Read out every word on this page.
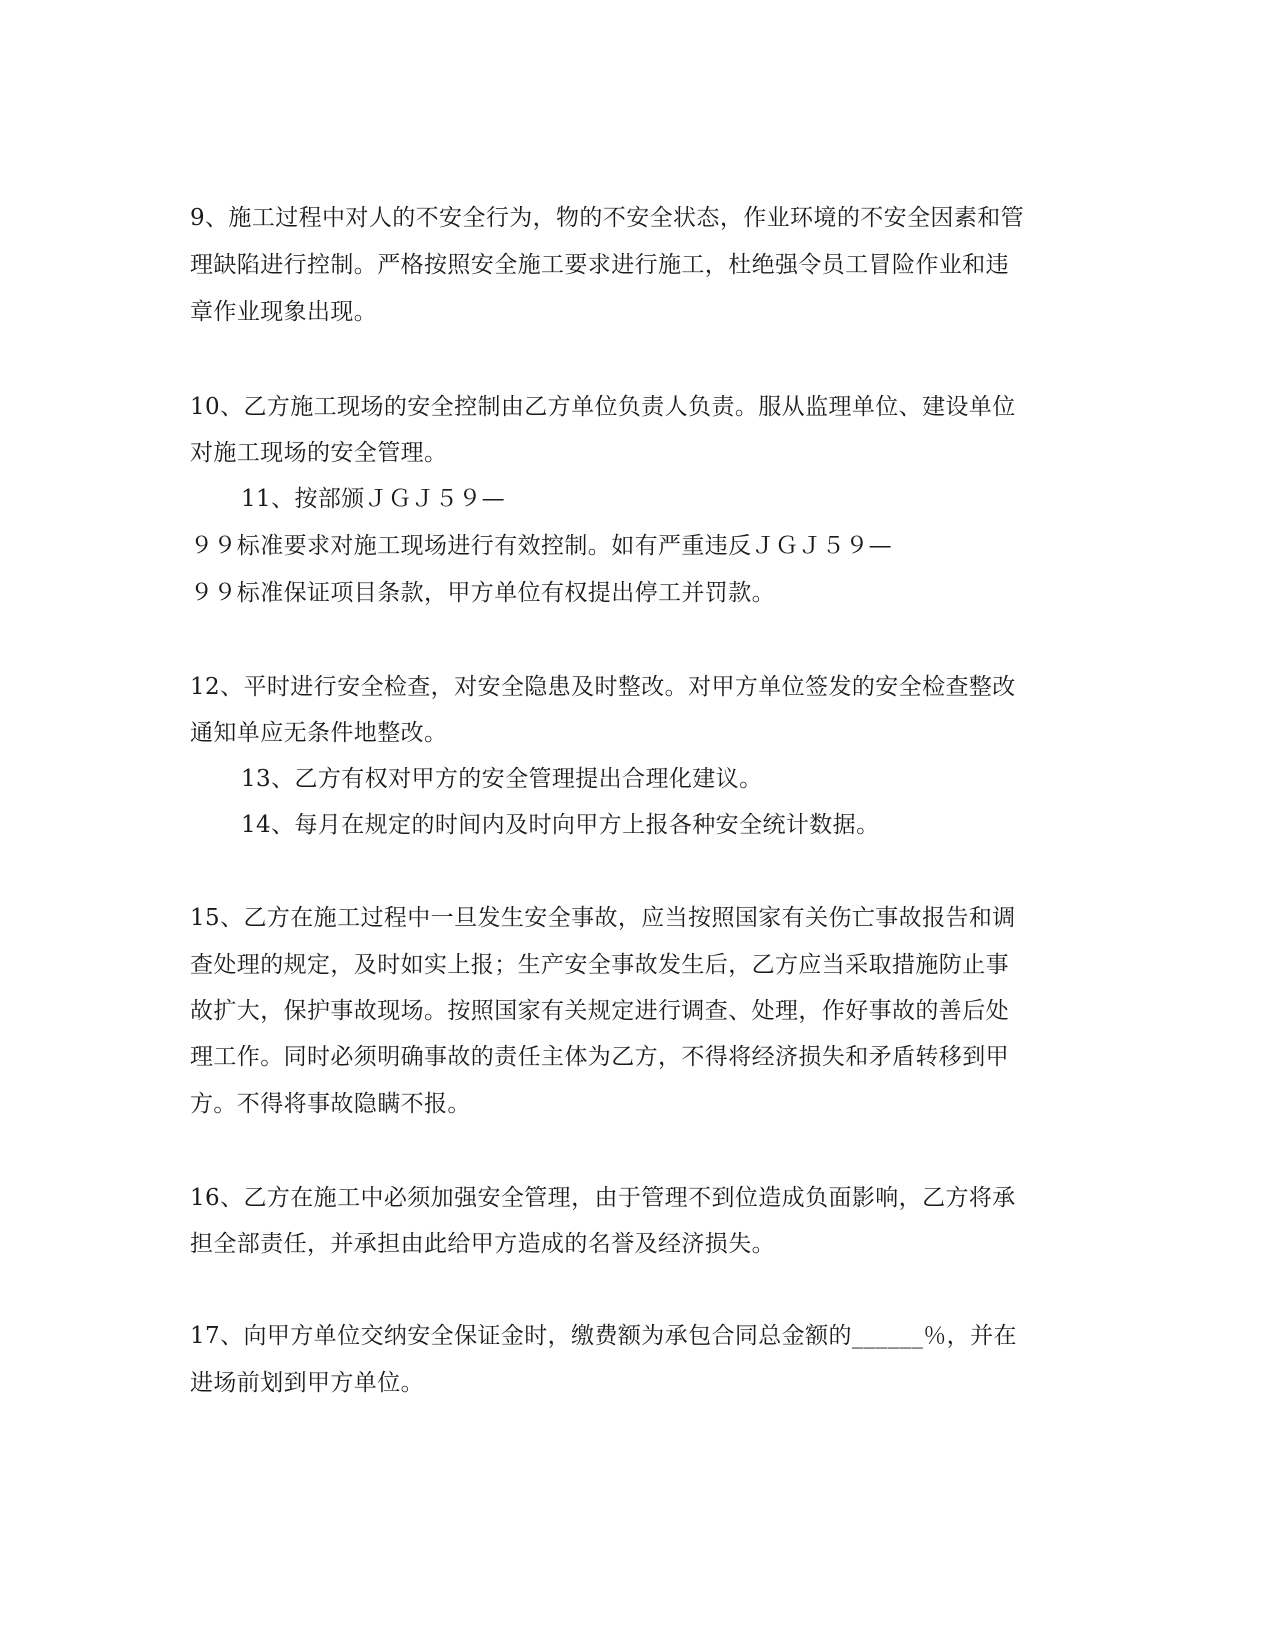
9、施工过程中对人的不安全行为，物的不安全状态，作业环境的不安全因素和管
理缺陷进行控制。严格按照安全施工要求进行施工，杜绝强令员工冒险作业和违
章作业现象出现。
10、乙方施工现场的安全控制由乙方单位负责人负责。服从监理单位、建设单位
对施工现场的安全管理。
11、按部颁ＪＧＪ５９—
９９标准要求对施工现场进行有效控制。如有严重违反ＪＧＪ５９—
９９标准保证项目条款，甲方单位有权提出停工并罚款。
12、平时进行安全检查，对安全隐患及时整改。对甲方单位签发的安全检查整改
通知单应无条件地整改。
13、乙方有权对甲方的安全管理提出合理化建议。
14、每月在规定的时间内及时向甲方上报各种安全统计数据。
15、乙方在施工过程中一旦发生安全事故，应当按照国家有关伤亡事故报告和调
查处理的规定，及时如实上报；生产安全事故发生后，乙方应当采取措施防止事
故扩大，保护事故现场。按照国家有关规定进行调查、处理，作好事故的善后处
理工作。同时必须明确事故的责任主体为乙方，不得将经济损失和矛盾转移到甲
方。不得将事故隐瞒不报。
16、乙方在施工中必须加强安全管理，由于管理不到位造成负面影响，乙方将承
担全部责任，并承担由此给甲方造成的名誉及经济损失。
17、向甲方单位交纳安全保证金时，缴费额为承包合同总金额的______％，并在
进场前划到甲方单位。
